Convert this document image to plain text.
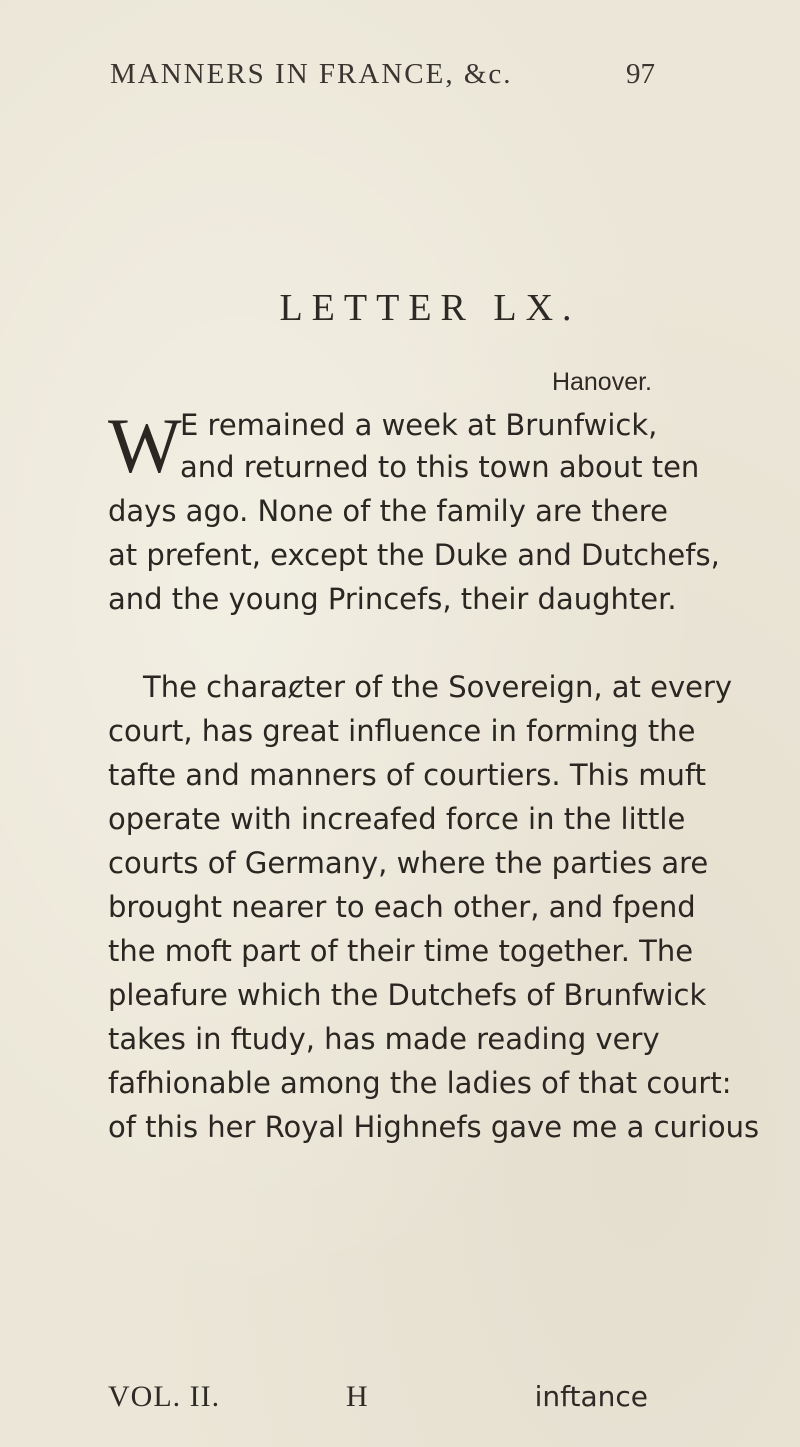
MANNERS IN FRANCE, &c.	97
LETTER LX.
Hanover.
W
E remained a week at Brunfwick,
and returned to this town about ten
days ago. None of the family are there
at prefent, except the Duke and Dutchefs,
and the young Princefs, their daughter.
The charaȼter of the Sovereign, at every
court, has great influence in forming the
tafte and manners of courtiers. This muft
operate with increafed force in the little
courts of Germany, where the parties are
brought nearer to each other, and fpend
the moft part of their time together. The
pleafure which the Dutchefs of Brunfwick
takes in ftudy, has made reading very
fafhionable among the ladies of that court:
of this her Royal Highnefs gave me a curious
VOL. II.	H	inftance
